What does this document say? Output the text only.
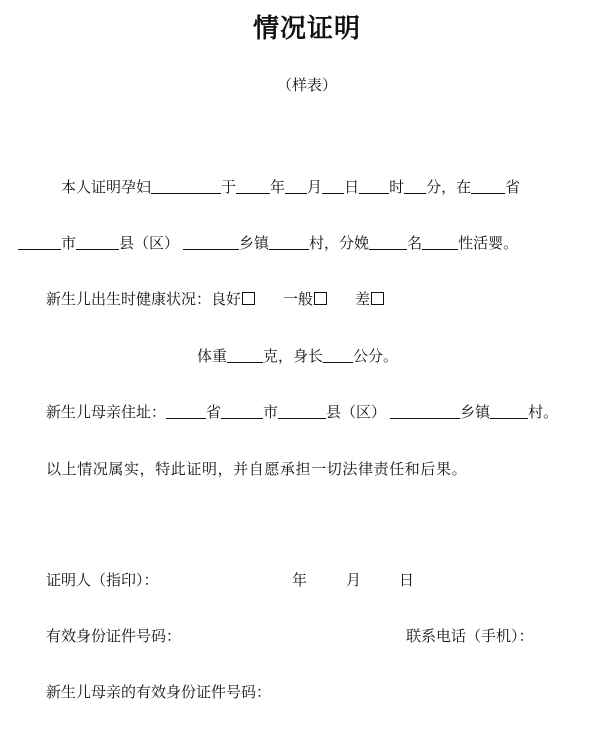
情况证明
（样表）
本人证明孕妇	于 年 月 日 时 分，在 省
市	县（区）	乡镇	村，分娩	名 性活婴。
新生儿出生时健康状况：良好	一般	差
体重 克，身长 公分。
新生儿母亲住址：	省	市	县（区）	乡镇	村。
以上情况属实，特此证明，并自愿承担一切法律责任和后果。
证明人（指印）：	年	月	日
有效身份证件号码：	联系电话（手机）：
新生儿母亲的有效身份证件号码：
